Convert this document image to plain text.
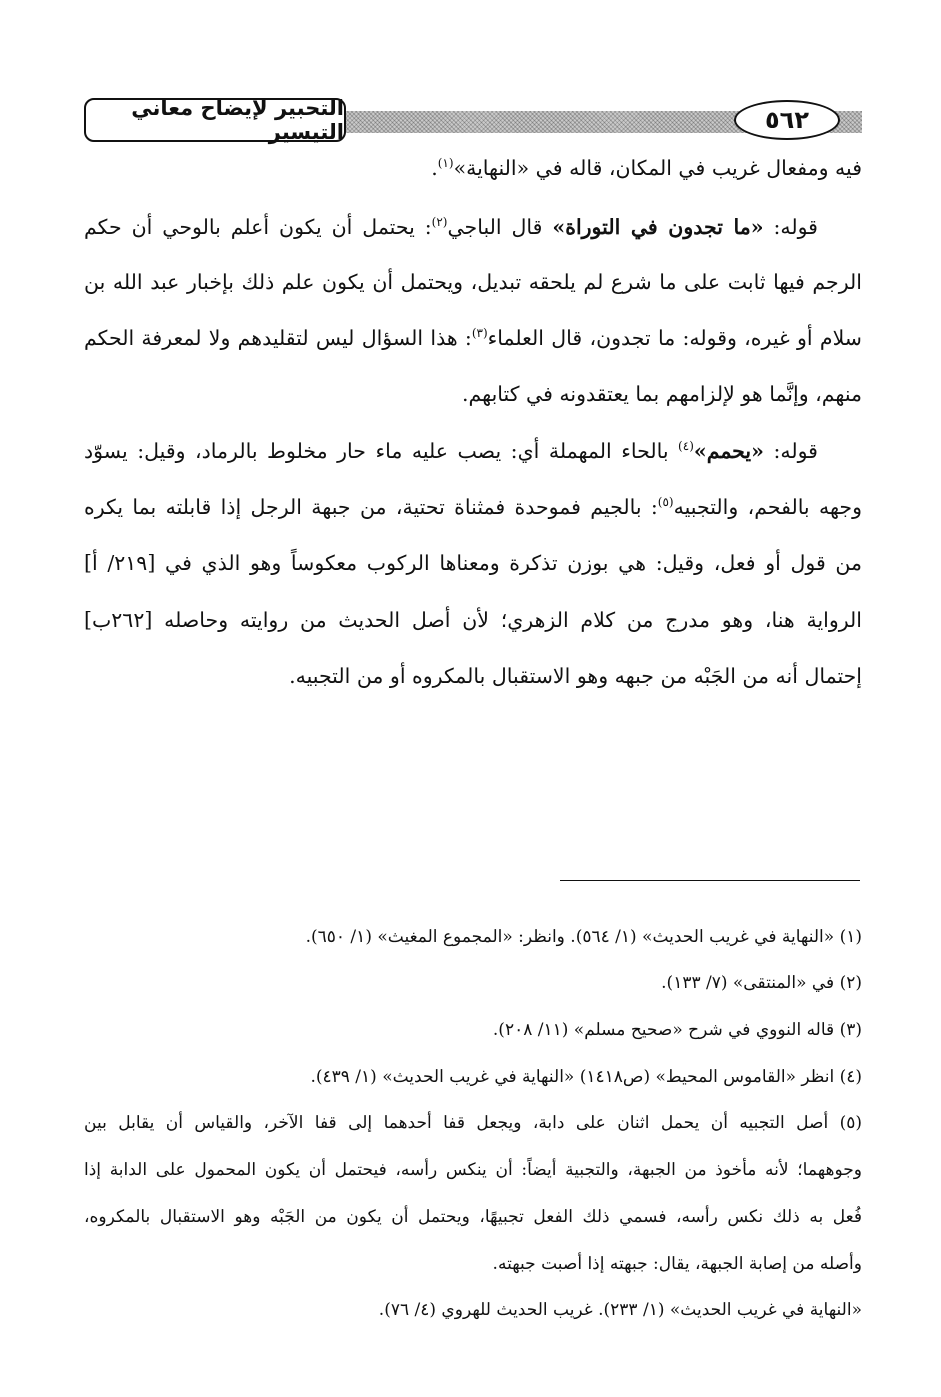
التحبير لإيضاح معاني التيسير	٥٦٢
فيه ومفعال غريب في المكان، قاله في «النهاية»$^{(١)}$.
قوله: «ما تجدون في التوراة» قال الباجي$^{(٢)}$: يحتمل أن يكون أعلم بالوحي أن حكم
الرجم فيها ثابت على ما شرع لم يلحقه تبديل، ويحتمل أن يكون علم ذلك بإخبار عبد الله بن
سلام أو غيره، وقوله: ما تجدون، قال العلماء$^{(٣)}$: هذا السؤال ليس لتقليدهم ولا لمعرفة الحكم
منهم، وإنَّما هو لإلزامهم بما يعتقدونه في كتابهم.
قوله: «يحمم»$^{(٤)}$ بالحاء المهملة أي: يصب عليه ماء حار مخلوط بالرماد، وقيل: يسوّد
وجهه بالفحم، والتجبيه$^{(٥)}$: بالجيم فموحدة فمثناة تحتية، من جبهة الرجل إذا قابلته بما يكره
من قول أو فعل، وقيل: هي بوزن تذكرة ومعناها الركوب معكوساً وهو الذي في [٢١٩/ أ]
الرواية هنا، وهو مدرج من كلام الزهري؛ لأن أصل الحديث من روايته وحاصله [٢٦٢ب]
إحتمال أنه من الجَبْه من جبهه وهو الاستقبال بالمكروه أو من التجبيه.
(١) «النهاية في غريب الحديث» (١/ ٥٦٤). وانظر: «المجموع المغيث» (١/ ٦٥٠).
(٢) في «المنتقى» (٧/ ١٣٣).
(٣) قاله النووي في شرح «صحيح مسلم» (١١/ ٢٠٨).
(٤) انظر «القاموس المحيط» (ص١٤١٨) «النهاية في غريب الحديث» (١/ ٤٣٩).
(٥) أصل التجبيه أن يحمل اثنان على دابة، ويجعل قفا أحدهما إلى قفا الآخر، والقياس أن يقابل بين
وجوههما؛ لأنه مأخوذ من الجبهة، والتجبية أيضاً: أن ينكس رأسه، فيحتمل أن يكون المحمول على الدابة إذا
فُعل به ذلك نكس رأسه، فسمي ذلك الفعل تجبيهًا، ويحتمل أن يكون من الجَبْه وهو الاستقبال بالمكروه،
وأصله من إصابة الجبهة، يقال: جبهته إذا أصبت جبهته.
«النهاية في غريب الحديث» (١/ ٢٣٣). غريب الحديث للهروي (٤/ ٧٦).
